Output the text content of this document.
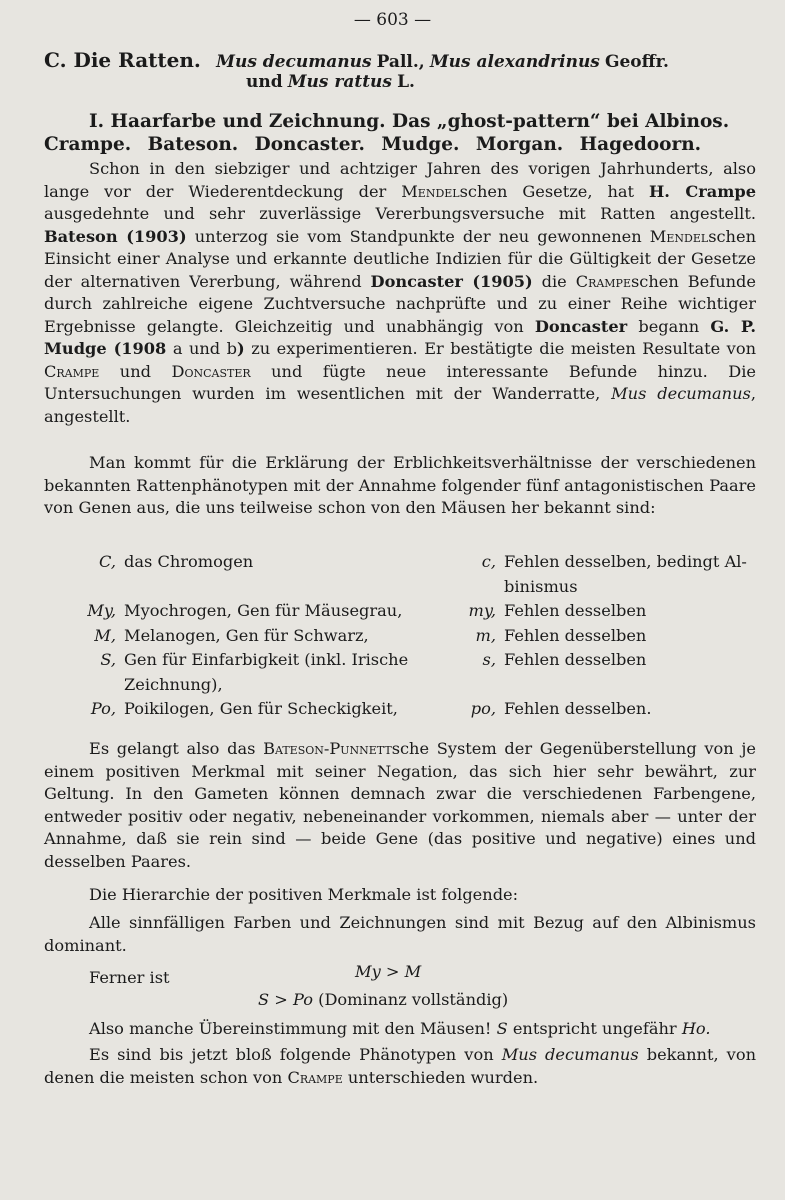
— 603 —
C. Die Ratten. Mus decumanus Pall., Mus alexandrinus Geoffr.
und Mus rattus L.
I. Haarfarbe und Zeichnung. Das „ghost-pattern“ bei Albinos.
Crampe. Bateson. Doncaster. Mudge. Morgan. Hagedoorn.
Schon in den siebziger und achtziger Jahren des vorigen Jahrhunderts, also lange vor der Wiederentdeckung der Mendelschen Gesetze, hat H. Crampe ausgedehnte und sehr zuverlässige Vererbungsversuche mit Ratten angestellt. Bateson (1903) unterzog sie vom Standpunkte der neu gewonnenen Mendelschen Einsicht einer Analyse und erkannte deutliche Indizien für die Gültigkeit der Gesetze der alternativen Vererbung, während Doncaster (1905) die Crampeschen Befunde durch zahlreiche eigene Zuchtversuche nachprüfte und zu einer Reihe wichtiger Ergebnisse gelangte. Gleichzeitig und unabhängig von Doncaster begann G. P. Mudge (1908 a und b) zu experimentieren. Er bestätigte die meisten Resultate von Crampe und Doncaster und fügte neue interessante Befunde hinzu. Die Untersuchungen wurden im wesentlichen mit der Wanderratte, Mus decumanus, angestellt.
Man kommt für die Erklärung der Erblichkeitsverhältnisse der verschiedenen bekannten Rattenphänotypen mit der Annahme folgender fünf antagonistischen Paare von Genen aus, die uns teilweise schon von den Mäusen her bekannt sind:
C, das Chromogen	c, Fehlen desselben, bedingt Al-
binismus
My, Myochrogen, Gen für Mäusegrau,	my, Fehlen desselben
M, Melanogen, Gen für Schwarz,	m, Fehlen desselben
S, Gen für Einfarbigkeit (inkl. Irische	s, Fehlen desselben
Zeichnung),
Po, Poikilogen, Gen für Scheckigkeit,	po, Fehlen desselben.
Es gelangt also das Bateson-Punnettsche System der Gegenüberstellung von je einem positiven Merkmal mit seiner Negation, das sich hier sehr bewährt, zur Geltung. In den Gameten können demnach zwar die verschiedenen Farbengene, entweder positiv oder negativ, nebeneinander vorkommen, niemals aber — unter der Annahme, daß sie rein sind — beide Gene (das positive und negative) eines und desselben Paares.
Die Hierarchie der positiven Merkmale ist folgende:
Alle sinnfälligen Farben und Zeichnungen sind mit Bezug auf den Albinismus dominant.
Ferner ist	My > M
S > Po (Dominanz vollständig)
Also manche Übereinstimmung mit den Mäusen! S entspricht ungefähr Ho.
Es sind bis jetzt bloß folgende Phänotypen von Mus decumanus bekannt, von denen die meisten schon von Crampe unterschieden wurden.
